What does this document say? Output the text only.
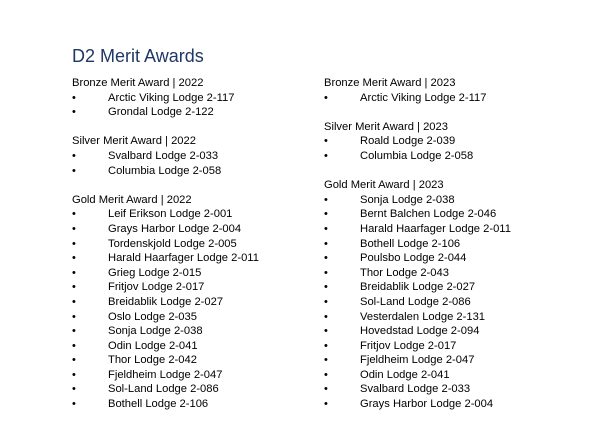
D2 Merit Awards
Bronze Merit Award | 2022
•	Arctic Viking Lodge 2-117
•	Grondal Lodge 2-122
Silver Merit Award | 2022
•	Svalbard Lodge 2-033
•	Columbia Lodge 2-058
Gold Merit Award | 2022
•	Leif Erikson Lodge 2-001
•	Grays Harbor Lodge 2-004
•	Tordenskjold Lodge 2-005
•	Harald Haarfager Lodge 2-011
•	Grieg Lodge 2-015
•	Fritjov Lodge 2-017
•	Breidablik Lodge 2-027
•	Oslo Lodge 2-035
•	Sonja Lodge 2-038
•	Odin Lodge 2-041
•	Thor Lodge 2-042
•	Fjeldheim Lodge 2-047
•	Sol-Land Lodge 2-086
•	Bothell Lodge 2-106
Bronze Merit Award | 2023
•	Arctic Viking Lodge 2-117
Silver Merit Award | 2023
•	Roald Lodge 2-039
•	Columbia Lodge 2-058
Gold Merit Award | 2023
•	Sonja Lodge 2-038
•	Bernt Balchen Lodge 2-046
•	Harald Haarfager Lodge 2-011
•	Bothell Lodge 2-106
•	Poulsbo Lodge 2-044
•	Thor Lodge 2-043
•	Breidablik Lodge 2-027
•	Sol-Land Lodge 2-086
•	Vesterdalen Lodge 2-131
•	Hovedstad Lodge 2-094
•	Fritjov Lodge 2-017
•	Fjeldheim Lodge 2-047
•	Odin Lodge 2-041
•	Svalbard Lodge 2-033
•	Grays Harbor Lodge 2-004
